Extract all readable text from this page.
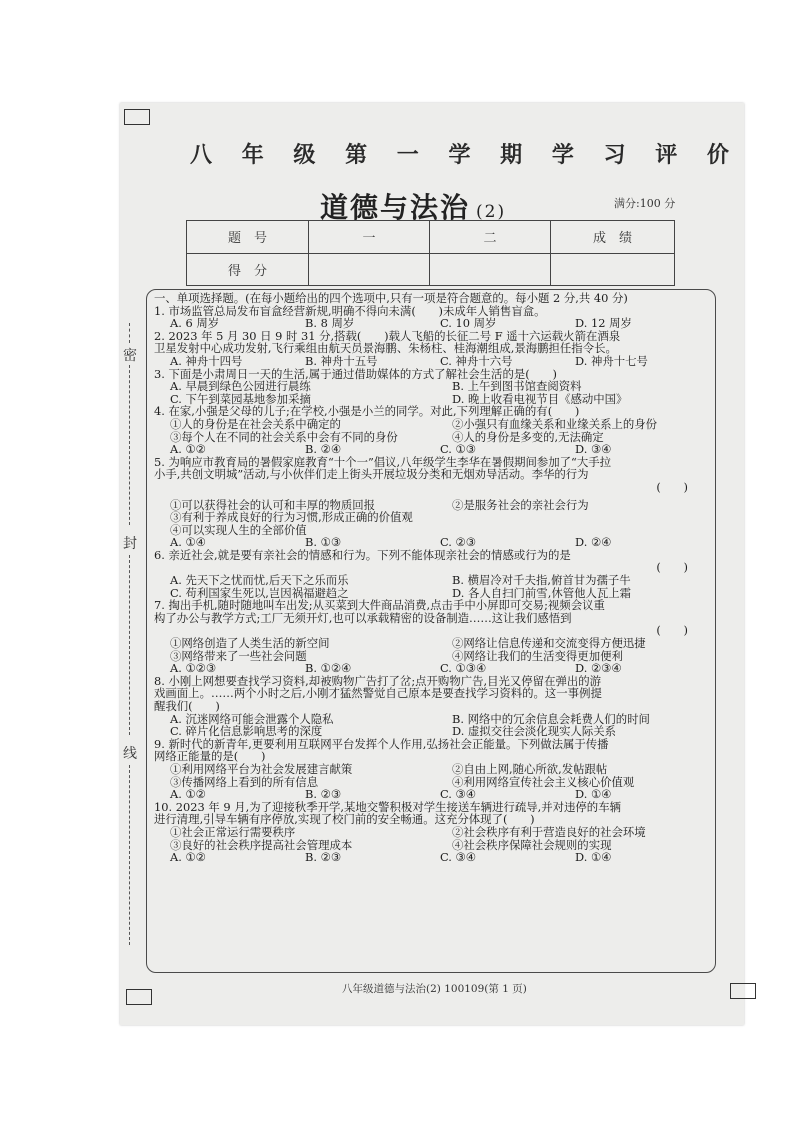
密
封
线
八 年 级 第 一 学 期 学 习 评 价
道德与法治 (2)	满分:100 分
题　号	一	二	成　绩
得　分			
一、单项选择题。(在每小题给出的四个选项中,只有一项是符合题意的。每小题 2 分,共 40 分)
1. 市场监管总局发布盲盒经营新规,明确不得向未满(　　)未成年人销售盲盒。
A. 6 周岁	B. 8 周岁	C. 10 周岁	D. 12 周岁
2. 2023 年 5 月 30 日 9 时 31 分,搭载(　　)载人飞船的长征二号 F 遥十六运载火箭在酒泉
卫星发射中心成功发射,飞行乘组由航天员景海鹏、朱杨柱、桂海潮组成,景海鹏担任指令长。
A. 神舟十四号	B. 神舟十五号	C. 神舟十六号	D. 神舟十七号
3. 下面是小肃周日一天的生活,属于通过借助媒体的方式了解社会生活的是(　　)
A. 早晨到绿色公园进行晨练	B. 上午到图书馆查阅资料
C. 下午到菜园基地参加采摘	D. 晚上收看电视节目《感动中国》
4. 在家,小强是父母的儿子;在学校,小强是小兰的同学。对此,下列理解正确的有(　　)
①人的身份是在社会关系中确定的	②小强只有血缘关系和业缘关系上的身份
③每个人在不同的社会关系中会有不同的身份	④人的身份是多变的,无法确定
A. ①②	B. ②④	C. ①③	D. ③④
5. 为响应市教育局的暑假家庭教育“十个一”倡议,八年级学生李华在暑假期间参加了“大手拉
小手,共创文明城”活动,与小伙伴们走上街头开展垃圾分类和无烟劝导活动。李华的行为
(　　)
①可以获得社会的认可和丰厚的物质回报	②是服务社会的亲社会行为
③有利于养成良好的行为习惯,形成正确的价值观
④可以实现人生的全部价值
A. ①④	B. ①③	C. ②③	D. ②④
6. 亲近社会,就是要有亲社会的情感和行为。下列不能体现亲社会的情感或行为的是
(　　)
A. 先天下之忧而忧,后天下之乐而乐	B. 横眉冷对千夫指,俯首甘为孺子牛
C. 苟利国家生死以,岂因祸福避趋之	D. 各人自扫门前雪,休管他人瓦上霜
7. 掏出手机,随时随地叫车出发;从买菜到大件商品消费,点击手中小屏即可交易;视频会议重
构了办公与教学方式;工厂无须开灯,也可以承载精密的设备制造……这让我们感悟到
(　　)
①网络创造了人类生活的新空间	②网络让信息传递和交流变得方便迅捷
③网络带来了一些社会问题	④网络让我们的生活变得更加便利
A. ①②③	B. ①②④	C. ①③④	D. ②③④
8. 小刚上网想要查找学习资料,却被购物广告打了岔;点开购物广告,目光又停留在弹出的游
戏画面上。……两个小时之后,小刚才猛然警觉自己原本是要查找学习资料的。这一事例提
醒我们(　　)
A. 沉迷网络可能会泄露个人隐私	B. 网络中的冗余信息会耗费人们的时间
C. 碎片化信息影响思考的深度	D. 虚拟交往会淡化现实人际关系
9. 新时代的新青年,更要利用互联网平台发挥个人作用,弘扬社会正能量。下列做法属于传播
网络正能量的是(　　)
①利用网络平台为社会发展建言献策	②自由上网,随心所欲,发帖跟帖
③传播网络上看到的所有信息	④利用网络宣传社会主义核心价值观
A. ①②	B. ②③	C. ③④	D. ①④
10. 2023 年 9 月,为了迎接秋季开学,某地交警积极对学生接送车辆进行疏导,并对违停的车辆
进行清理,引导车辆有序停放,实现了校门前的安全畅通。这充分体现了(　　)
①社会正常运行需要秩序	②社会秩序有利于营造良好的社会环境
③良好的社会秩序提高社会管理成本	④社会秩序保障社会规则的实现
A. ①②	B. ②③	C. ③④	D. ①④
八年级道德与法治(2) 100109(第 1 页)
